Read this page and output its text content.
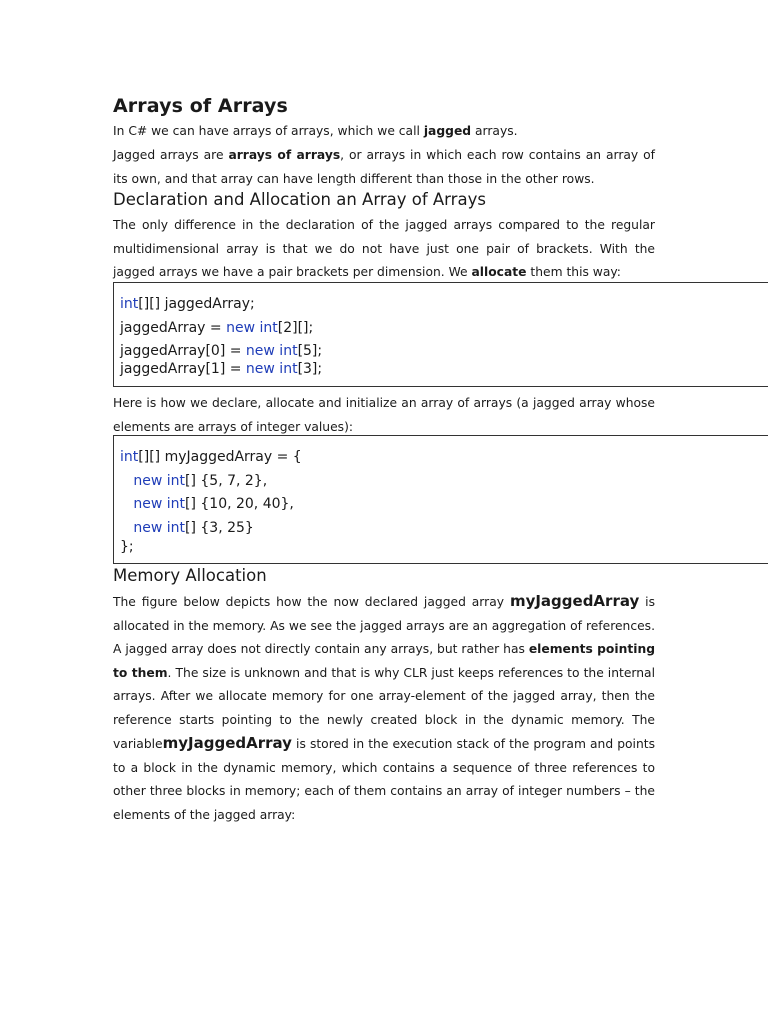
Arrays of Arrays

In C# we can have arrays of arrays, which we call jagged arrays.

Jagged arrays are arrays of arrays, or arrays in which each row contains an array of its own, and that array can have length different than those in the other rows.

Declaration and Allocation an Array of Arrays

The only difference in the declaration of the jagged arrays compared to the regular multidimensional array is that we do not have just one pair of brackets. With the jagged arrays we have a pair brackets per dimension. We allocate them this way:

Here is how we declare, allocate and initialize an array of arrays (a jagged array whose elements are arrays of integer values):

Memory Allocation

The figure below depicts how the now declared jagged array myJaggedArray is allocated in the memory. As we see the jagged arrays are an aggregation of references. A jagged array does not directly contain any arrays, but rather has elements pointing to them. The size is unknown and that is why CLR just keeps references to the internal arrays. After we allocate memory for one array-element of the jagged array, then the reference starts pointing to the newly created block in the dynamic memory. The variablemyJaggedArray is stored in the execution stack of the program and points to a block in the dynamic memory, which contains a sequence of three references to other three blocks in memory; each of them contains an array of integer numbers – the elements of the jagged array:

int[][] jaggedArray;
jaggedArray = new int[2][];
jaggedArray[0] = new int[5];
jaggedArray[1] = new int[3];
int[][] myJaggedArray = {
new int[] {5, 7, 2},
new int[] {10, 20, 40},
new int[] {3, 25}
};
